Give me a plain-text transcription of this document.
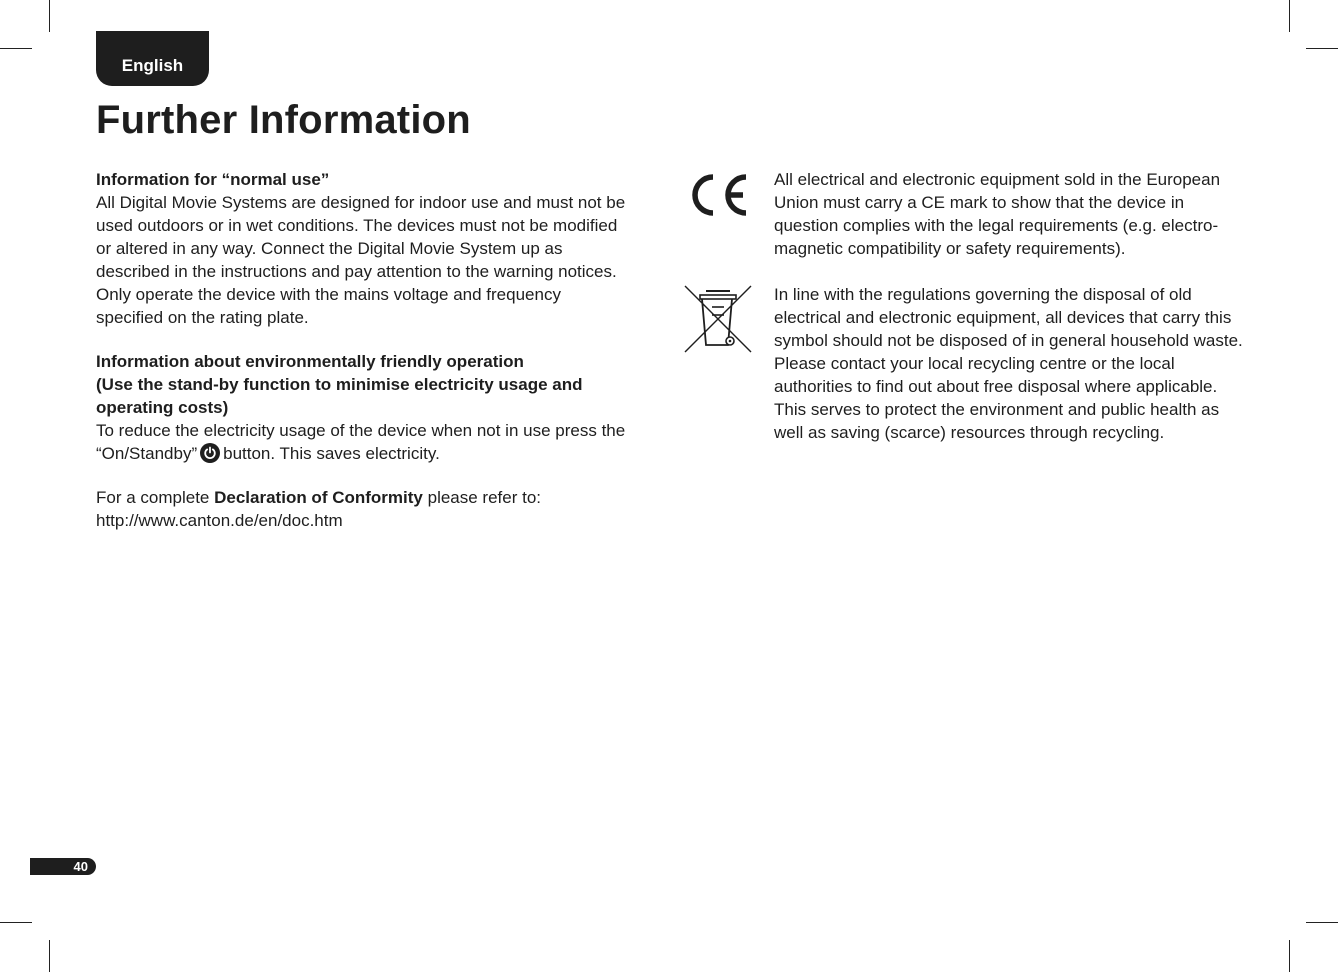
English
Further Information

Information for “normal use”

All Digital Movie Systems are designed for indoor use and must not be used outdoors or in wet conditions. The devices must not be modified or altered in any way. Connect the Digital Movie System up as described in the instructions and pay attention to the warning notices. Only operate the device with the mains voltage and frequency specified on the rating plate.

Information about environmentally friendly operation

(Use the stand-by function to minimise electricity usage and operating costs)

To reduce the electricity usage of the device when not in use press the “On/Standby” button. This saves electricity.

For a complete Declaration of Conformity please refer to:

http://www.canton.de/en/doc.htm

All electrical and electronic equipment sold in the European Union must carry a CE mark to show that the device in question complies with the legal requirements (e.g. electro-magnetic compatibility or safety requirements).

In line with the regulations governing the disposal of old electrical and electronic equipment, all devices that carry this symbol should not be disposed of in general household waste. Please contact your local recycling centre or the local authorities to find out about free disposal where applicable. This serves to protect the environment and public health as well as saving (scarce) resources through recycling.

40
